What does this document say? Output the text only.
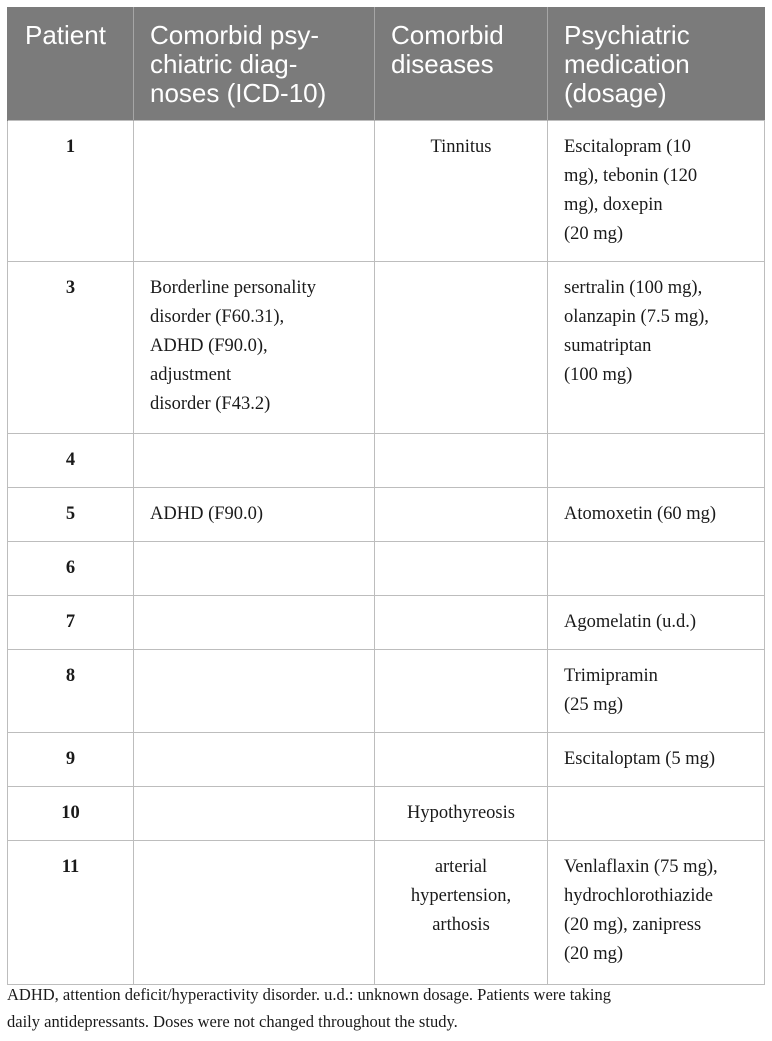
Patient	Comorbid psy-
chiatric diag-
noses (ICD-10)	Comorbid
diseases	Psychiatric
medication
(dosage)
1		Tinnitus	Escitalopram (10
mg), tebonin (120
mg), doxepin
(20 mg)
3	Borderline personality
disorder (F60.31),
ADHD (F90.0),
adjustment
disorder (F43.2)		sertralin (100 mg),
olanzapin (7.5 mg),
sumatriptan
(100 mg)
4			
5	ADHD (F90.0)		Atomoxetin (60 mg)
6			
7			Agomelatin (u.d.)
8			Trimipramin
(25 mg)
9			Escitaloptam (5 mg)
10		Hypothyreosis	
11		arterial
hypertension,
arthosis	Venlaflaxin (75 mg),
hydrochlorothiazide
(20 mg), zanipress
(20 mg)
ADHD, attention deficit/hyperactivity disorder. u.d.: unknown dosage. Patients were taking
daily antidepressants. Doses were not changed throughout the study.
